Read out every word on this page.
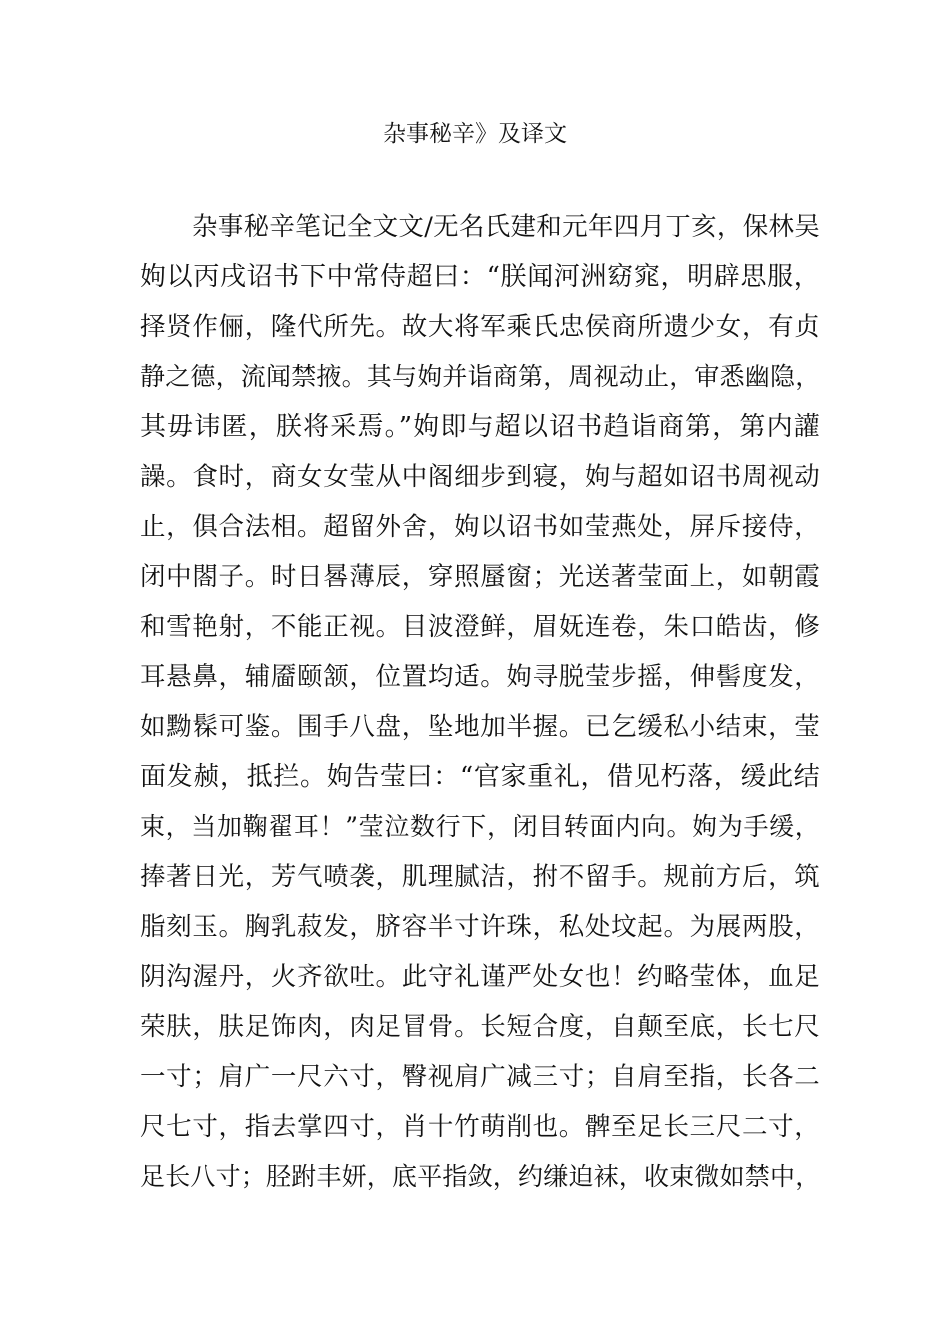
杂事秘辛》及译文
杂事秘辛笔记全文文/无名氏建和元年四月丁亥，保林吴
姁以丙戌诏书下中常侍超曰：“朕闻河洲窈窕，明辟思服，
择贤作俪，隆代所先。故大将军乘氏忠侯商所遗少女，有贞
静之德，流闻禁掖。其与姁并诣商第，周视动止，审悉幽隐，
其毋讳匿，朕将采焉。”姁即与超以诏书趋诣商第，第内讙
譟。食时，商女女莹从中阁细步到寝，姁与超如诏书周视动
止，俱合法相。超留外舍，姁以诏书如莹燕处，屏斥接侍，
闭中閤子。时日晷薄辰，穿照蜃窗；光送著莹面上，如朝霞
和雪艳射，不能正视。目波澄鲜，眉妩连卷，朱口皓齿，修
耳悬鼻，辅靥颐颔，位置均适。姁寻脱莹步摇，伸髻度发，
如黝髹可鉴。围手八盘，坠地加半握。已乞缓私小结束，莹
面发赪，抵拦。姁告莹曰：“官家重礼，借见朽落，缓此结
束，当加鞠翟耳！”莹泣数行下，闭目转面内向。姁为手缓，
捧著日光，芳气喷袭，肌理腻洁，拊不留手。规前方后，筑
脂刻玉。胸乳菽发，脐容半寸许珠，私处坟起。为展两股，
阴沟渥丹，火齐欲吐。此守礼谨严处女也！约略莹体，血足
荣肤，肤足饰肉，肉足冒骨。长短合度，自颠至底，长七尺
一寸；肩广一尺六寸，臀视肩广减三寸；自肩至指，长各二
尺七寸，指去掌四寸，肖十竹萌削也。髀至足长三尺二寸，
足长八寸；胫跗丰妍，底平指敛，约缣迫袜，收束微如禁中，
